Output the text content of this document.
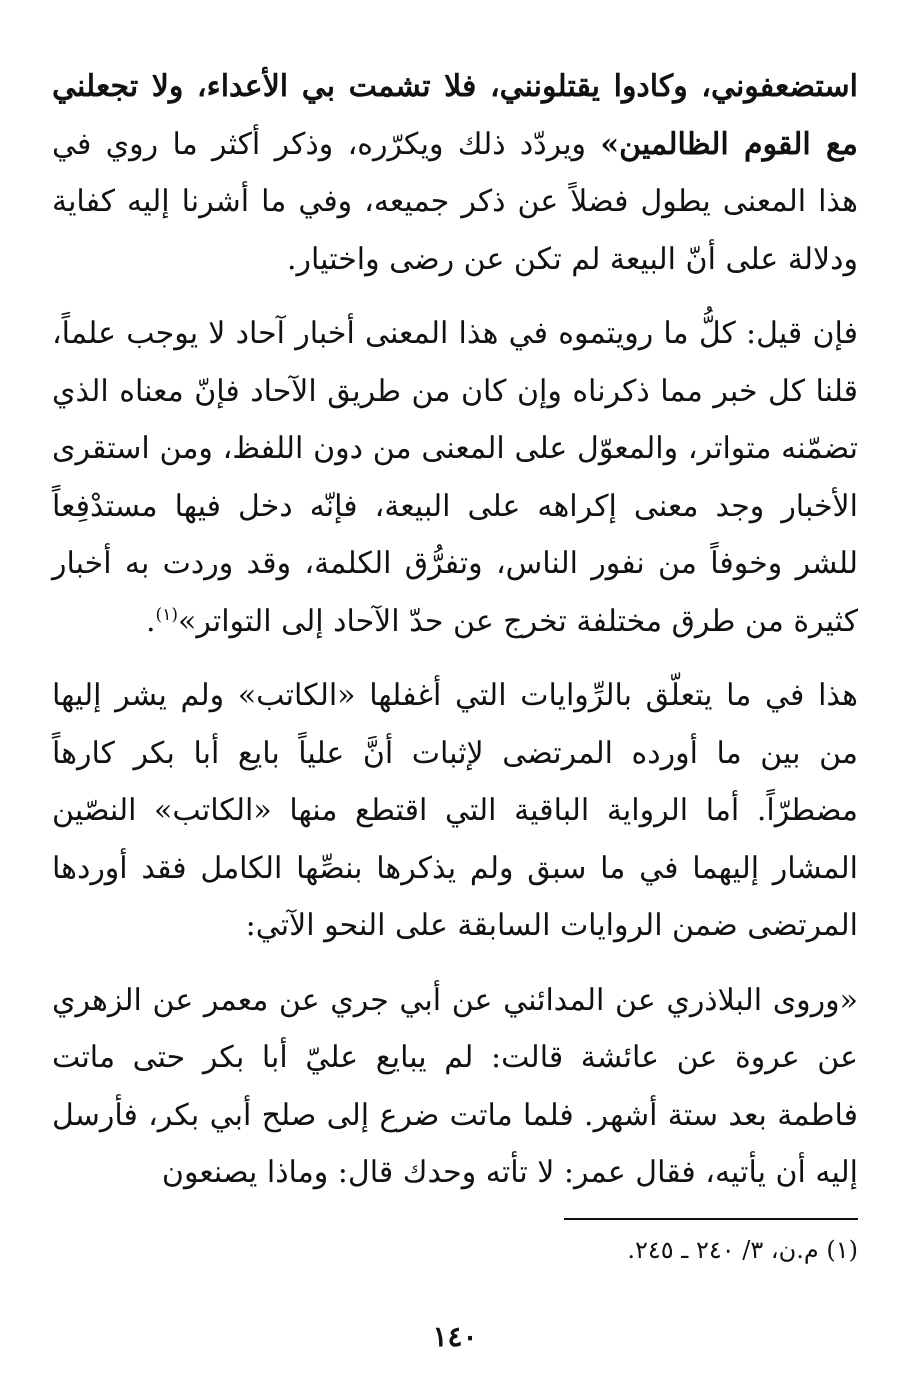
استضعفوني، وكادوا يقتلونني، فلا تشمت بي الأعداء، ولا تجعلني مع القوم الظالمين» ويردّد ذلك ويكرّره، وذكر أكثر ما روي في هذا المعنى يطول فضلاً عن ذكر جميعه، وفي ما أشرنا إليه كفاية ودلالة على أنّ البيعة لم تكن عن رضى واختيار.

فإن قيل: كلُّ ما رويتموه في هذا المعنى أخبار آحاد لا يوجب علماً، قلنا كل خبر مما ذكرناه وإن كان من طريق الآحاد فإنّ معناه الذي تضمّنه متواتر، والمعوّل على المعنى من دون اللفظ، ومن استقرى الأخبار وجد معنى إكراهه على البيعة، فإنّه دخل فيها مستدْفِعاً للشر وخوفاً من نفور الناس، وتفرُّق الكلمة، وقد وردت به أخبار كثيرة من طرق مختلفة تخرج عن حدّ الآحاد إلى التواتر»$^{(١)}$.

هذا في ما يتعلّق بالرِّوايات التي أغفلها «الكاتب» ولم يشر إليها من بين ما أورده المرتضى لإثبات أنَّ علياً بايع أبا بكر كارهاً مضطرّاً. أما الرواية الباقية التي اقتطع منها «الكاتب» النصّين المشار إليهما في ما سبق ولم يذكرها بنصِّها الكامل فقد أوردها المرتضى ضمن الروايات السابقة على النحو الآتي:

«وروى البلاذري عن المدائني عن أبي جري عن معمر عن الزهري عن عروة عن عائشة قالت: لم يبايع عليّ أبا بكر حتى ماتت فاطمة بعد ستة أشهر. فلما ماتت ضرع إلى صلح أبي بكر، فأرسل إليه أن يأتيه، فقال عمر: لا تأته وحدك قال: وماذا يصنعون

(١) م.ن، ٣/ ٢٤٠ ـ ٢٤٥.
١٤٠
